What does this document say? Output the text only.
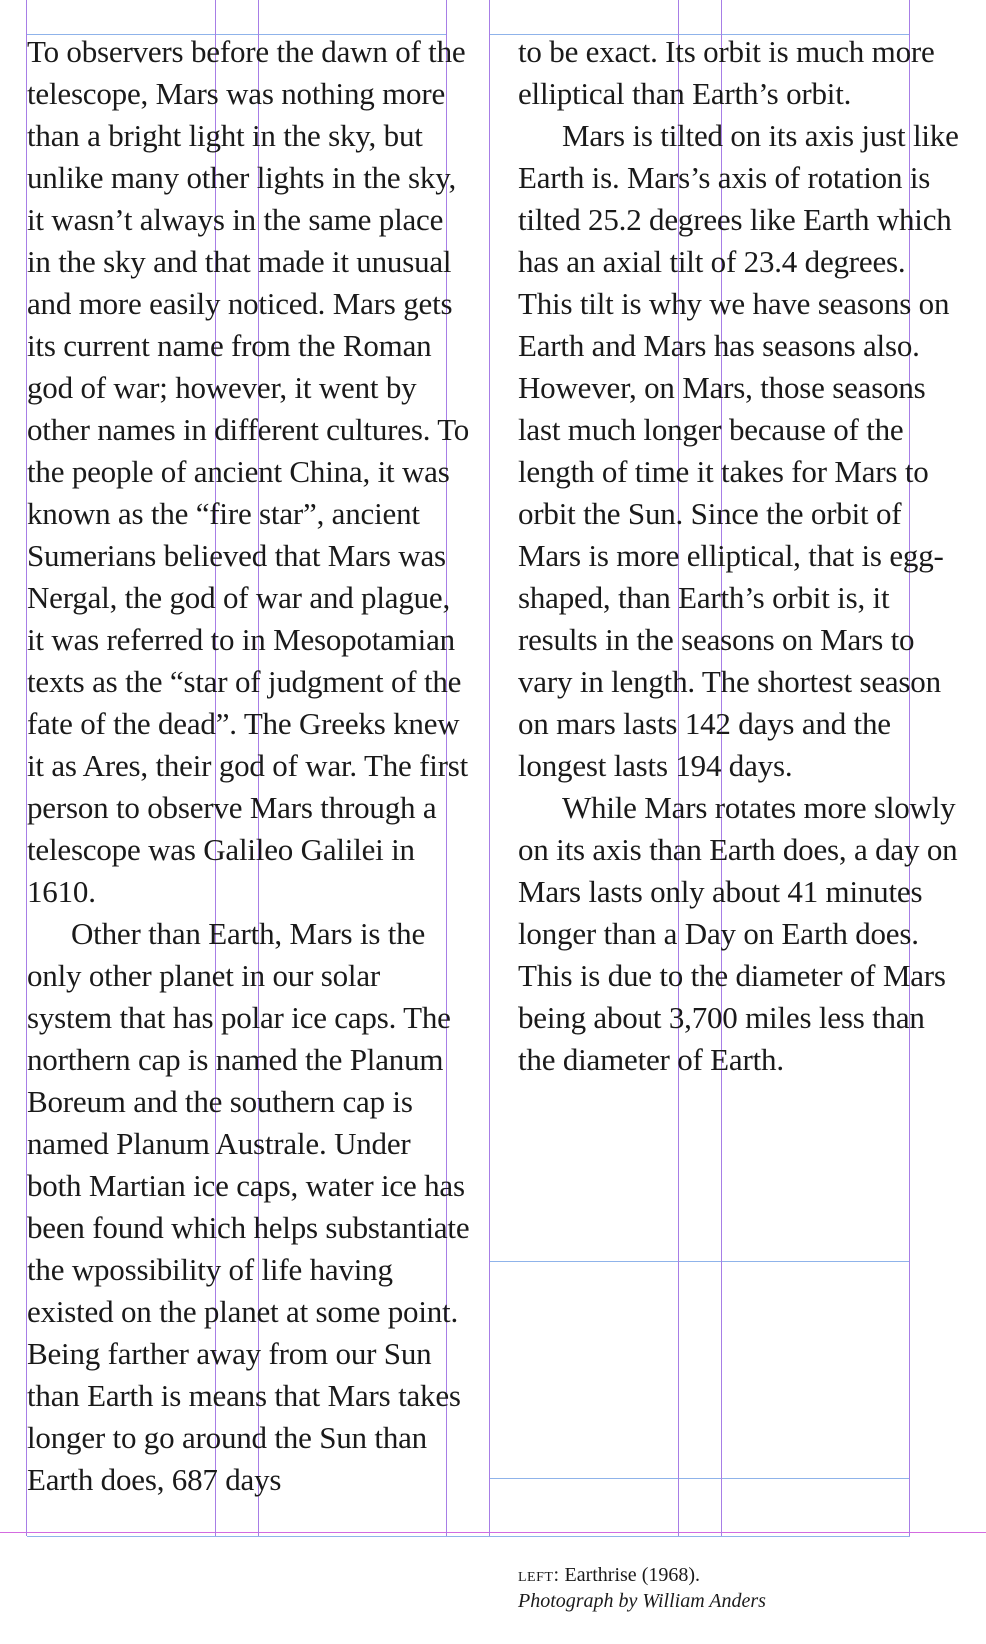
To observers before the dawn of the telescope, Mars was nothing more than a bright light in the sky, but unlike many other lights in the sky, it wasn’t always in the same place in the sky and that made it unusual and more easily noticed. Mars gets its current name from the Roman god of war; however, it went by other names in different cultures. To the people of ancient China, it was known as the “fire star”, ancient Sumerians believed that Mars was Nergal, the god of war and plague, it was referred to in Mesopotamian texts as the “star of judgment of the fate of the dead”. The Greeks knew it as Ares, their god of war. The first person to observe Mars through a telescope was Galileo Galilei in 1610.

Other than Earth, Mars is the only other planet in our solar system that has polar ice caps. The northern cap is named the Planum Boreum and the southern cap is named Planum Australe. Under both Martian ice caps, water ice has been found which helps substantiate the wpossibility of life having existed on the planet at some point. Being farther away from our Sun than Earth is means that Mars takes longer to go around the Sun than Earth does, 687 days

to be exact. Its orbit is much more elliptical than Earth’s orbit.

Mars is tilted on its axis just like Earth is. Mars’s axis of rotation is tilted 25.2 degrees like Earth which has an axial tilt of 23.4 degrees. This tilt is why we have seasons on Earth and Mars has seasons also. However, on Mars, those seasons last much longer because of the length of time it takes for Mars to orbit the Sun. Since the orbit of Mars is more elliptical, that is egg-shaped, than Earth’s orbit is, it results in the seasons on Mars to vary in length. The shortest season on mars lasts 142 days and the longest lasts 194 days.

While Mars rotates more slowly on its axis than Earth does, a day on Mars lasts only about 41 minutes longer than a Day on Earth does. This is due to the diameter of Mars being about 3,700 miles less than the diameter of Earth.

left: Earthrise (1968).
Photograph by William Anders
